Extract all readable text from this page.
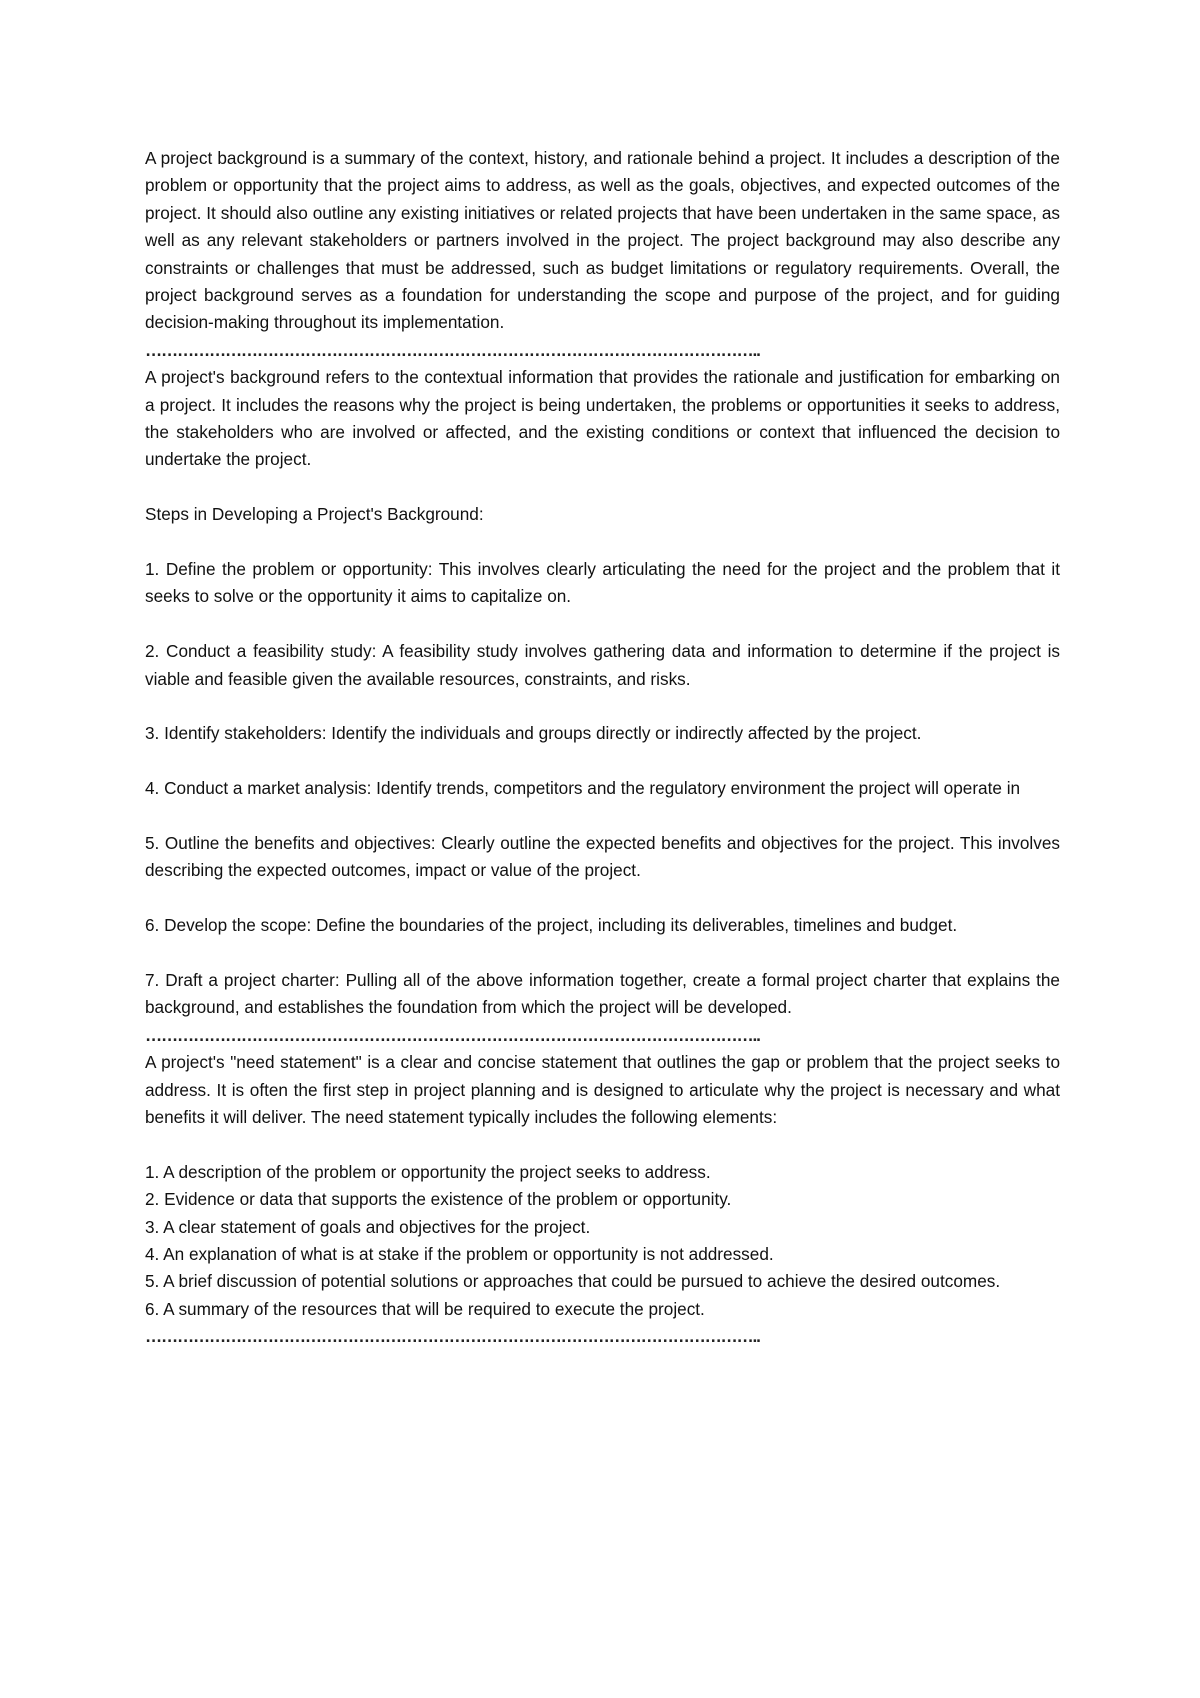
A project background is a summary of the context, history, and rationale behind a project. It includes a description of the problem or opportunity that the project aims to address, as well as the goals, objectives, and expected outcomes of the project. It should also outline any existing initiatives or related projects that have been undertaken in the same space, as well as any relevant stakeholders or partners involved in the project. The project background may also describe any constraints or challenges that must be addressed, such as budget limitations or regulatory requirements. Overall, the project background serves as a foundation for understanding the scope and purpose of the project, and for guiding decision-making throughout its implementation.

……………………………………………………………………………………………………..

A project's background refers to the contextual information that provides the rationale and justification for embarking on a project. It includes the reasons why the project is being undertaken, the problems or opportunities it seeks to address, the stakeholders who are involved or affected, and the existing conditions or context that influenced the decision to undertake the project.

Steps in Developing a Project's Background:

1. Define the problem or opportunity: This involves clearly articulating the need for the project and the problem that it seeks to solve or the opportunity it aims to capitalize on.

2. Conduct a feasibility study: A feasibility study involves gathering data and information to determine if the project is viable and feasible given the available resources, constraints, and risks.

3. Identify stakeholders: Identify the individuals and groups directly or indirectly affected by the project.

4. Conduct a market analysis: Identify trends, competitors and the regulatory environment the project will operate in

5. Outline the benefits and objectives: Clearly outline the expected benefits and objectives for the project. This involves describing the expected outcomes, impact or value of the project.

6. Develop the scope: Define the boundaries of the project, including its deliverables, timelines and budget.

7. Draft a project charter: Pulling all of the above information together, create a formal project charter that explains the background, and establishes the foundation from which the project will be developed.

……………………………………………………………………………………………………..

A project's "need statement" is a clear and concise statement that outlines the gap or problem that the project seeks to address. It is often the first step in project planning and is designed to articulate why the project is necessary and what benefits it will deliver. The need statement typically includes the following elements:

1. A description of the problem or opportunity the project seeks to address.

2. Evidence or data that supports the existence of the problem or opportunity.

3. A clear statement of goals and objectives for the project.

4. An explanation of what is at stake if the problem or opportunity is not addressed.

5. A brief discussion of potential solutions or approaches that could be pursued to achieve the desired outcomes.

6. A summary of the resources that will be required to execute the project.

……………………………………………………………………………………………………..
